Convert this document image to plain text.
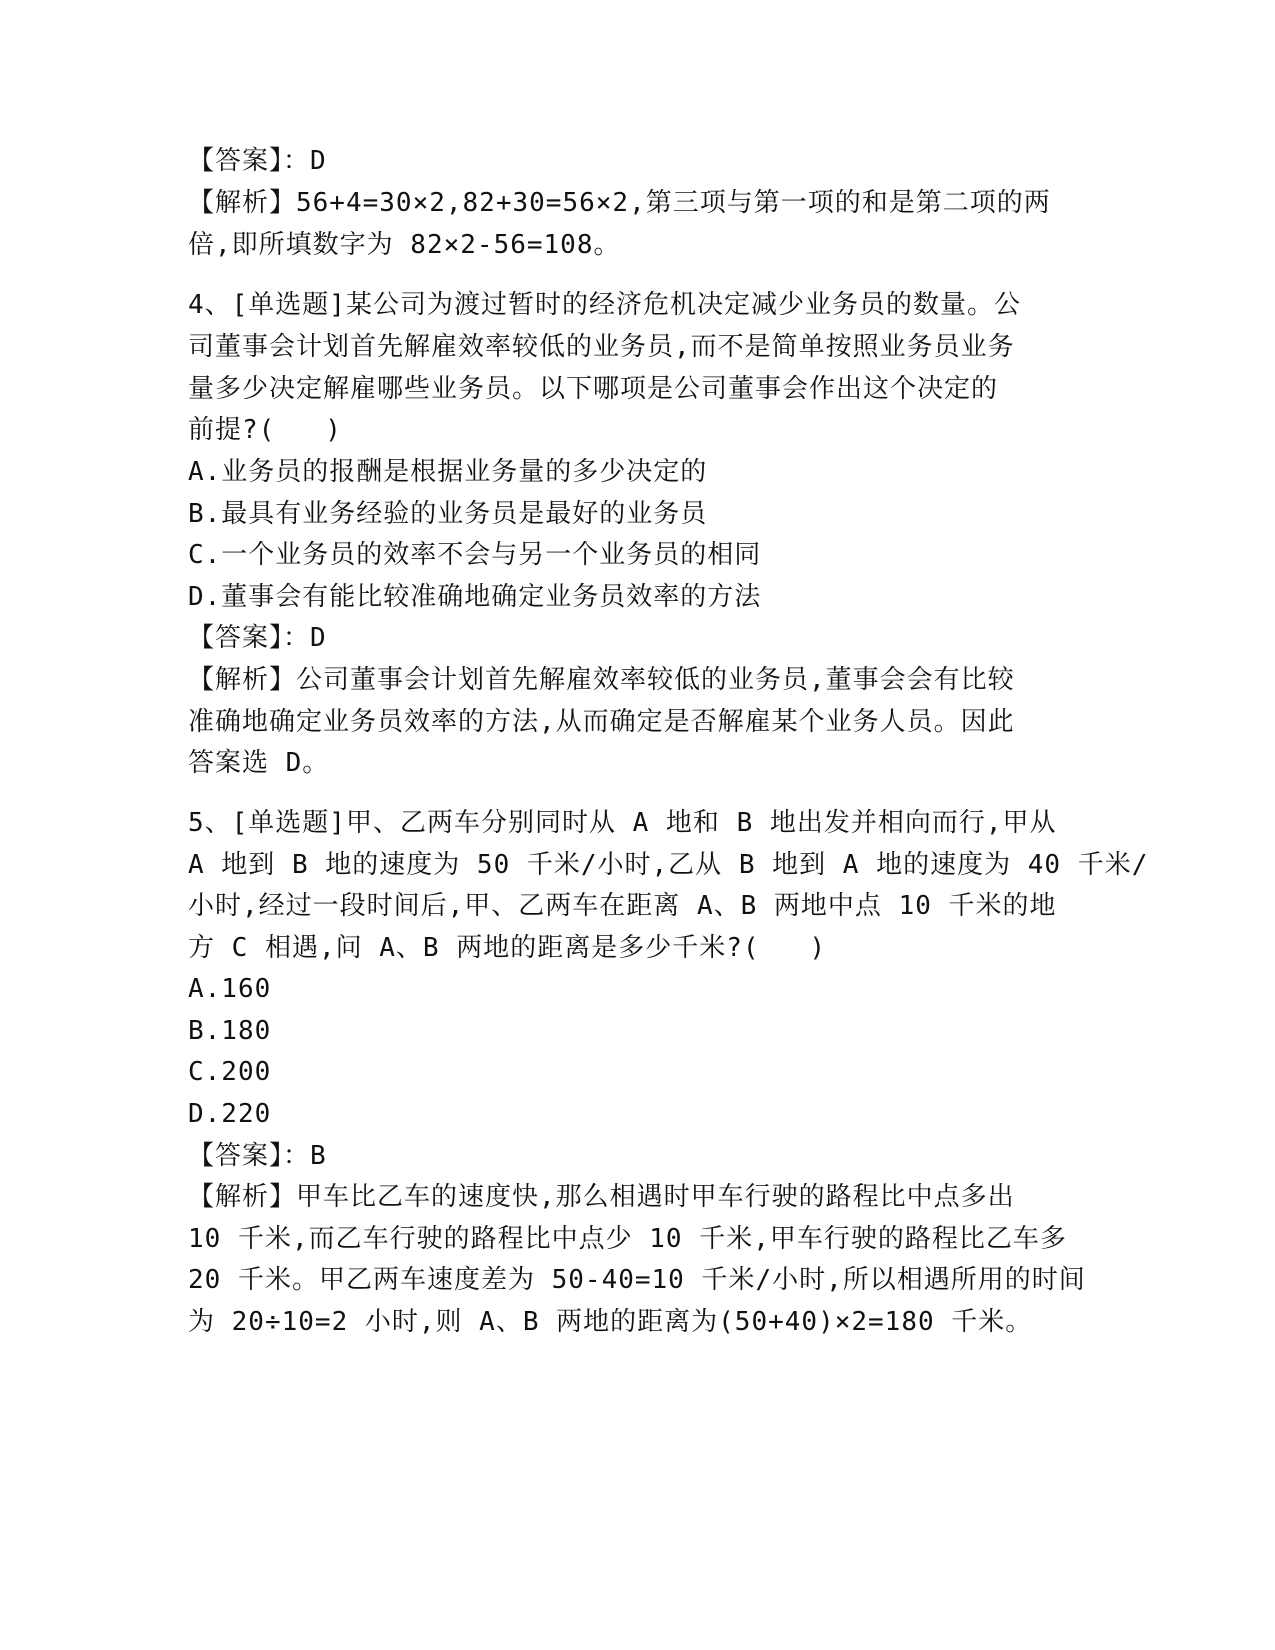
【答案】：D
【解析】56+4=30×2,82+30=56×2,第三项与第一项的和是第二项的两
倍,即所填数字为 82×2-56=108。
4、[单选题]某公司为渡过暂时的经济危机决定减少业务员的数量。公
司董事会计划首先解雇效率较低的业务员,而不是简单按照业务员业务
量多少决定解雇哪些业务员。以下哪项是公司董事会作出这个决定的
前提?(   )
A.业务员的报酬是根据业务量的多少决定的
B.最具有业务经验的业务员是最好的业务员
C.一个业务员的效率不会与另一个业务员的相同
D.董事会有能比较准确地确定业务员效率的方法
【答案】：D
【解析】公司董事会计划首先解雇效率较低的业务员,董事会会有比较
准确地确定业务员效率的方法,从而确定是否解雇某个业务人员。因此
答案选 D。
5、[单选题]甲、乙两车分别同时从 A 地和 B 地出发并相向而行,甲从
A 地到 B 地的速度为 50 千米/小时,乙从 B 地到 A 地的速度为 40 千米/
小时,经过一段时间后,甲、乙两车在距离 A、B 两地中点 10 千米的地
方 C 相遇,问 A、B 两地的距离是多少千米?(   )
A.160
B.180
C.200
D.220
【答案】：B
【解析】甲车比乙车的速度快,那么相遇时甲车行驶的路程比中点多出
10 千米,而乙车行驶的路程比中点少 10 千米,甲车行驶的路程比乙车多
20 千米。甲乙两车速度差为 50-40=10 千米/小时,所以相遇所用的时间
为 20÷10=2 小时,则 A、B 两地的距离为(50+40)×2=180 千米。
